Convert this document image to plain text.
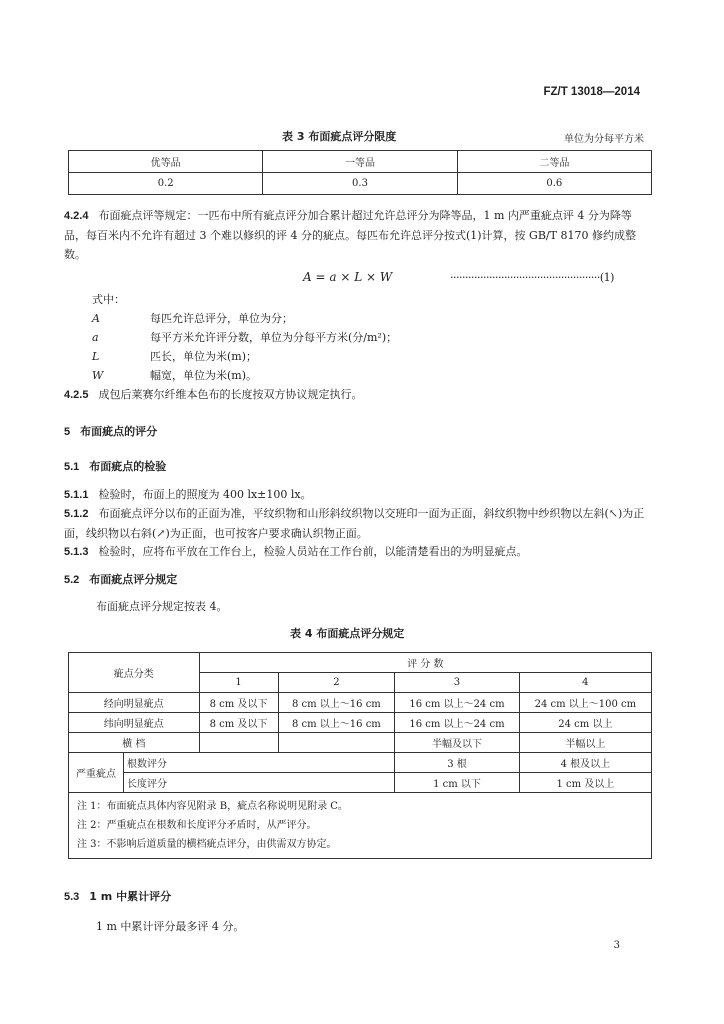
FZ/T 13018—2014
表 3 布面疵点评分限度	单位为分每平方米
优等品	一等品	二等品
0.2	0.3	0.6
4.2.4 布面疵点评等规定：一匹布中所有疵点评分加合累计超过允许总评分为降等品，1 m 内严重疵点评 4 分为降等品，每百米内不允许有超过 3 个难以修织的评 4 分的疵点。每匹布允许总评分按式(1)计算，按 GB/T 8170 修约成整数。
A = a × L × W	··················································(1)
式中：
A	每匹允许总评分，单位为分；
a	每平方米允许评分数，单位为分每平方米(分/m²)；
L	匹长，单位为米(m)；
W	幅宽，单位为米(m)。
4.2.5 成包后莱赛尔纤维本色布的长度按双方协议规定执行。
5 布面疵点的评分
5.1 布面疵点的检验
5.1.1 检验时，布面上的照度为 400 lx±100 lx。
5.1.2 布面疵点评分以布的正面为准，平纹织物和山形斜纹织物以交班印一面为正面，斜纹织物中纱织物以左斜(↖)为正面，线织物以右斜(↗)为正面，也可按客户要求确认织物正面。
5.1.3 检验时，应将布平放在工作台上，检验人员站在工作台前，以能清楚看出的为明显疵点。
5.2 布面疵点评分规定
布面疵点评分规定按表 4。
表 4 布面疵点评分规定
疵点分类		评 分 数			
		1	2	3	4
经向明显疵点		8 cm 及以下	8 cm 以上～16 cm	16 cm 以上～24 cm	24 cm 以上～100 cm
纬向明显疵点		8 cm 及以下	8 cm 以上～16 cm	16 cm 以上～24 cm	24 cm 以上
横 档				半幅及以下	半幅以上
严重疵点	根数评分			3 根	4 根及以上
	长度评分			1 cm 以下	1 cm 及以上

注 1：布面疵点具体内容见附录 B，疵点名称说明见附录 C。
注 2：严重疵点在根数和长度评分矛盾时，从严评分。
注 3：不影响后道质量的横档疵点评分，由供需双方协定。					
5.3 1 m 中累计评分
1 m 中累计评分最多评 4 分。
3
